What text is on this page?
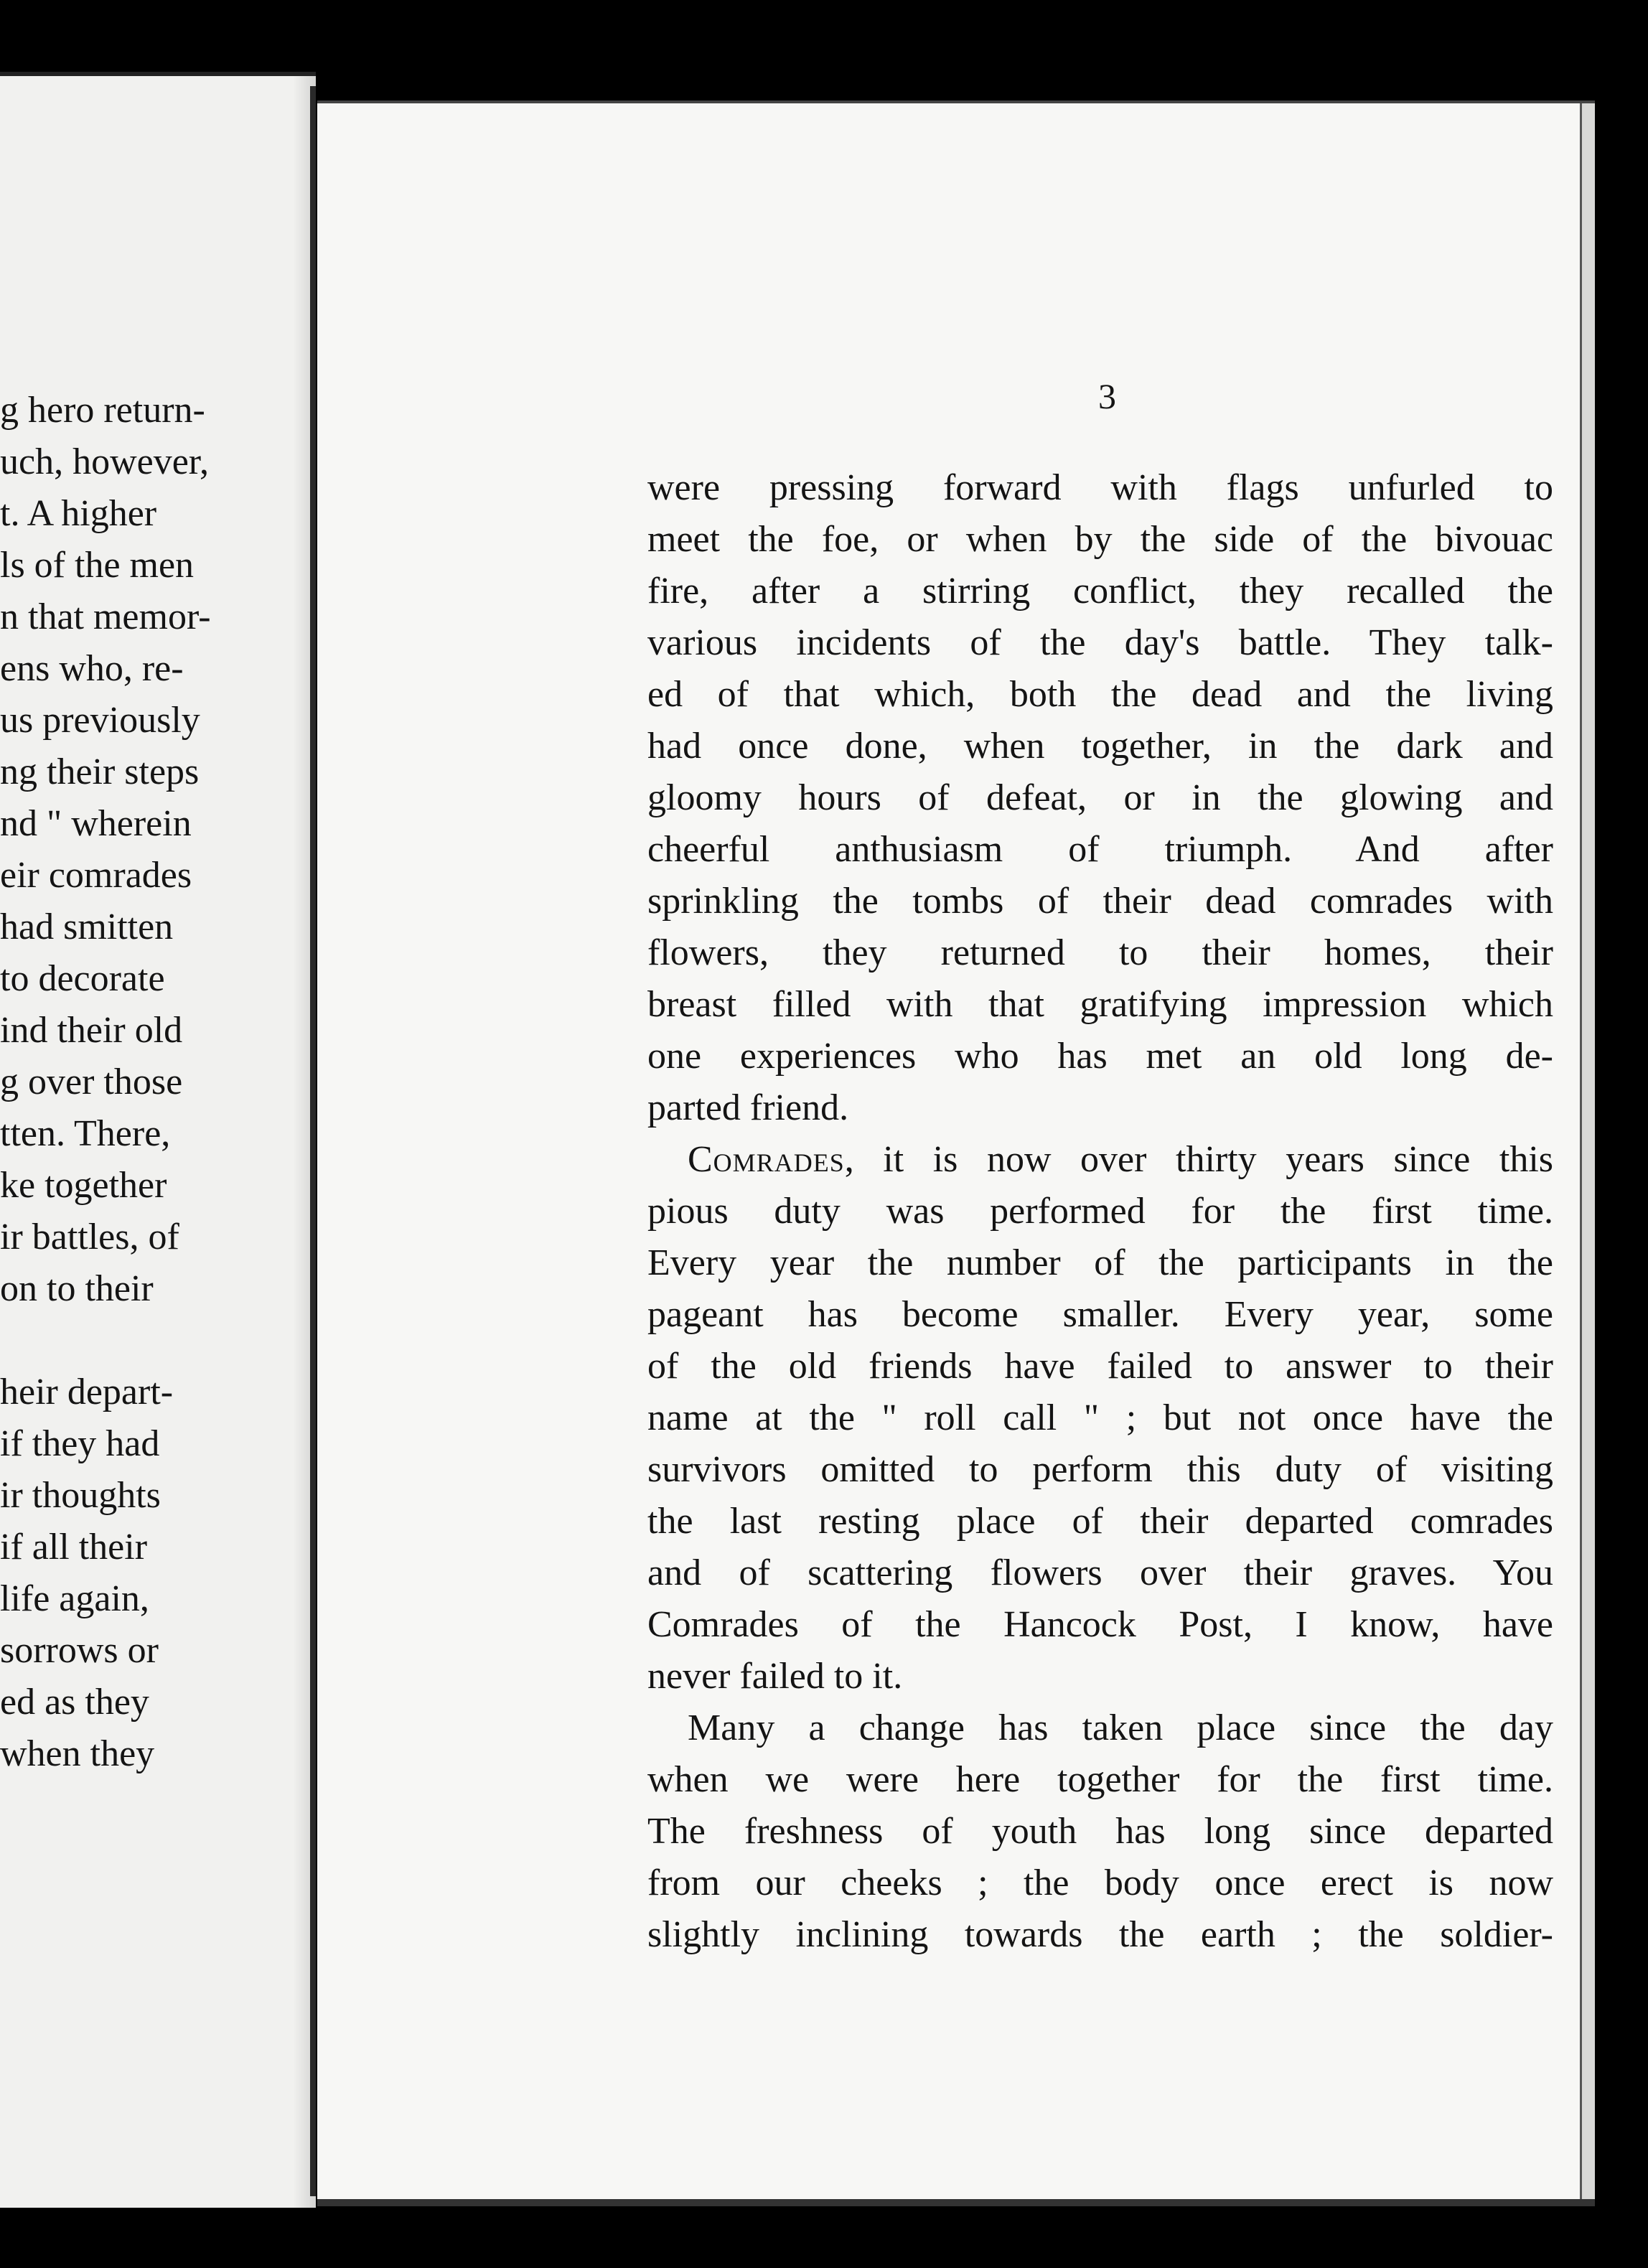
g hero return-
uch, however,
t. A higher
ls of the men
n that memor-
ens who, re-
us previously
ng their steps
nd " wherein
eir comrades
had smitten
to decorate
ind their old
g over those
tten. There,
ke together
ir battles, of
on to their
heir depart-
if they had
ir thoughts
if all their
life again,
sorrows or
ed as they
when they
3
were pressing forward with flags unfurled to
meet the foe, or when by the side of the bivouac
fire, after a stirring conflict, they recalled the
various incidents of the day's battle. They talk-
ed of that which, both the dead and the living
had once done, when together, in the dark and
gloomy hours of defeat, or in the glowing and
cheerful anthusiasm of triumph. And after
sprinkling the tombs of their dead comrades with
flowers, they returned to their homes, their
breast filled with that gratifying impression which
one experiences who has met an old long de-
parted friend.
Comrades, it is now over thirty years since this
pious duty was performed for the first time.
Every year the number of the participants in the
pageant has become smaller. Every year, some
of the old friends have failed to answer to their
name at the " roll call " ; but not once have the
survivors omitted to perform this duty of visiting
the last resting place of their departed comrades
and of scattering flowers over their graves. You
Comrades of the Hancock Post, I know, have
never failed to it.
Many a change has taken place since the day
when we were here together for the first time.
The freshness of youth has long since departed
from our cheeks ; the body once erect is now
slightly inclining towards the earth ; the soldier-
